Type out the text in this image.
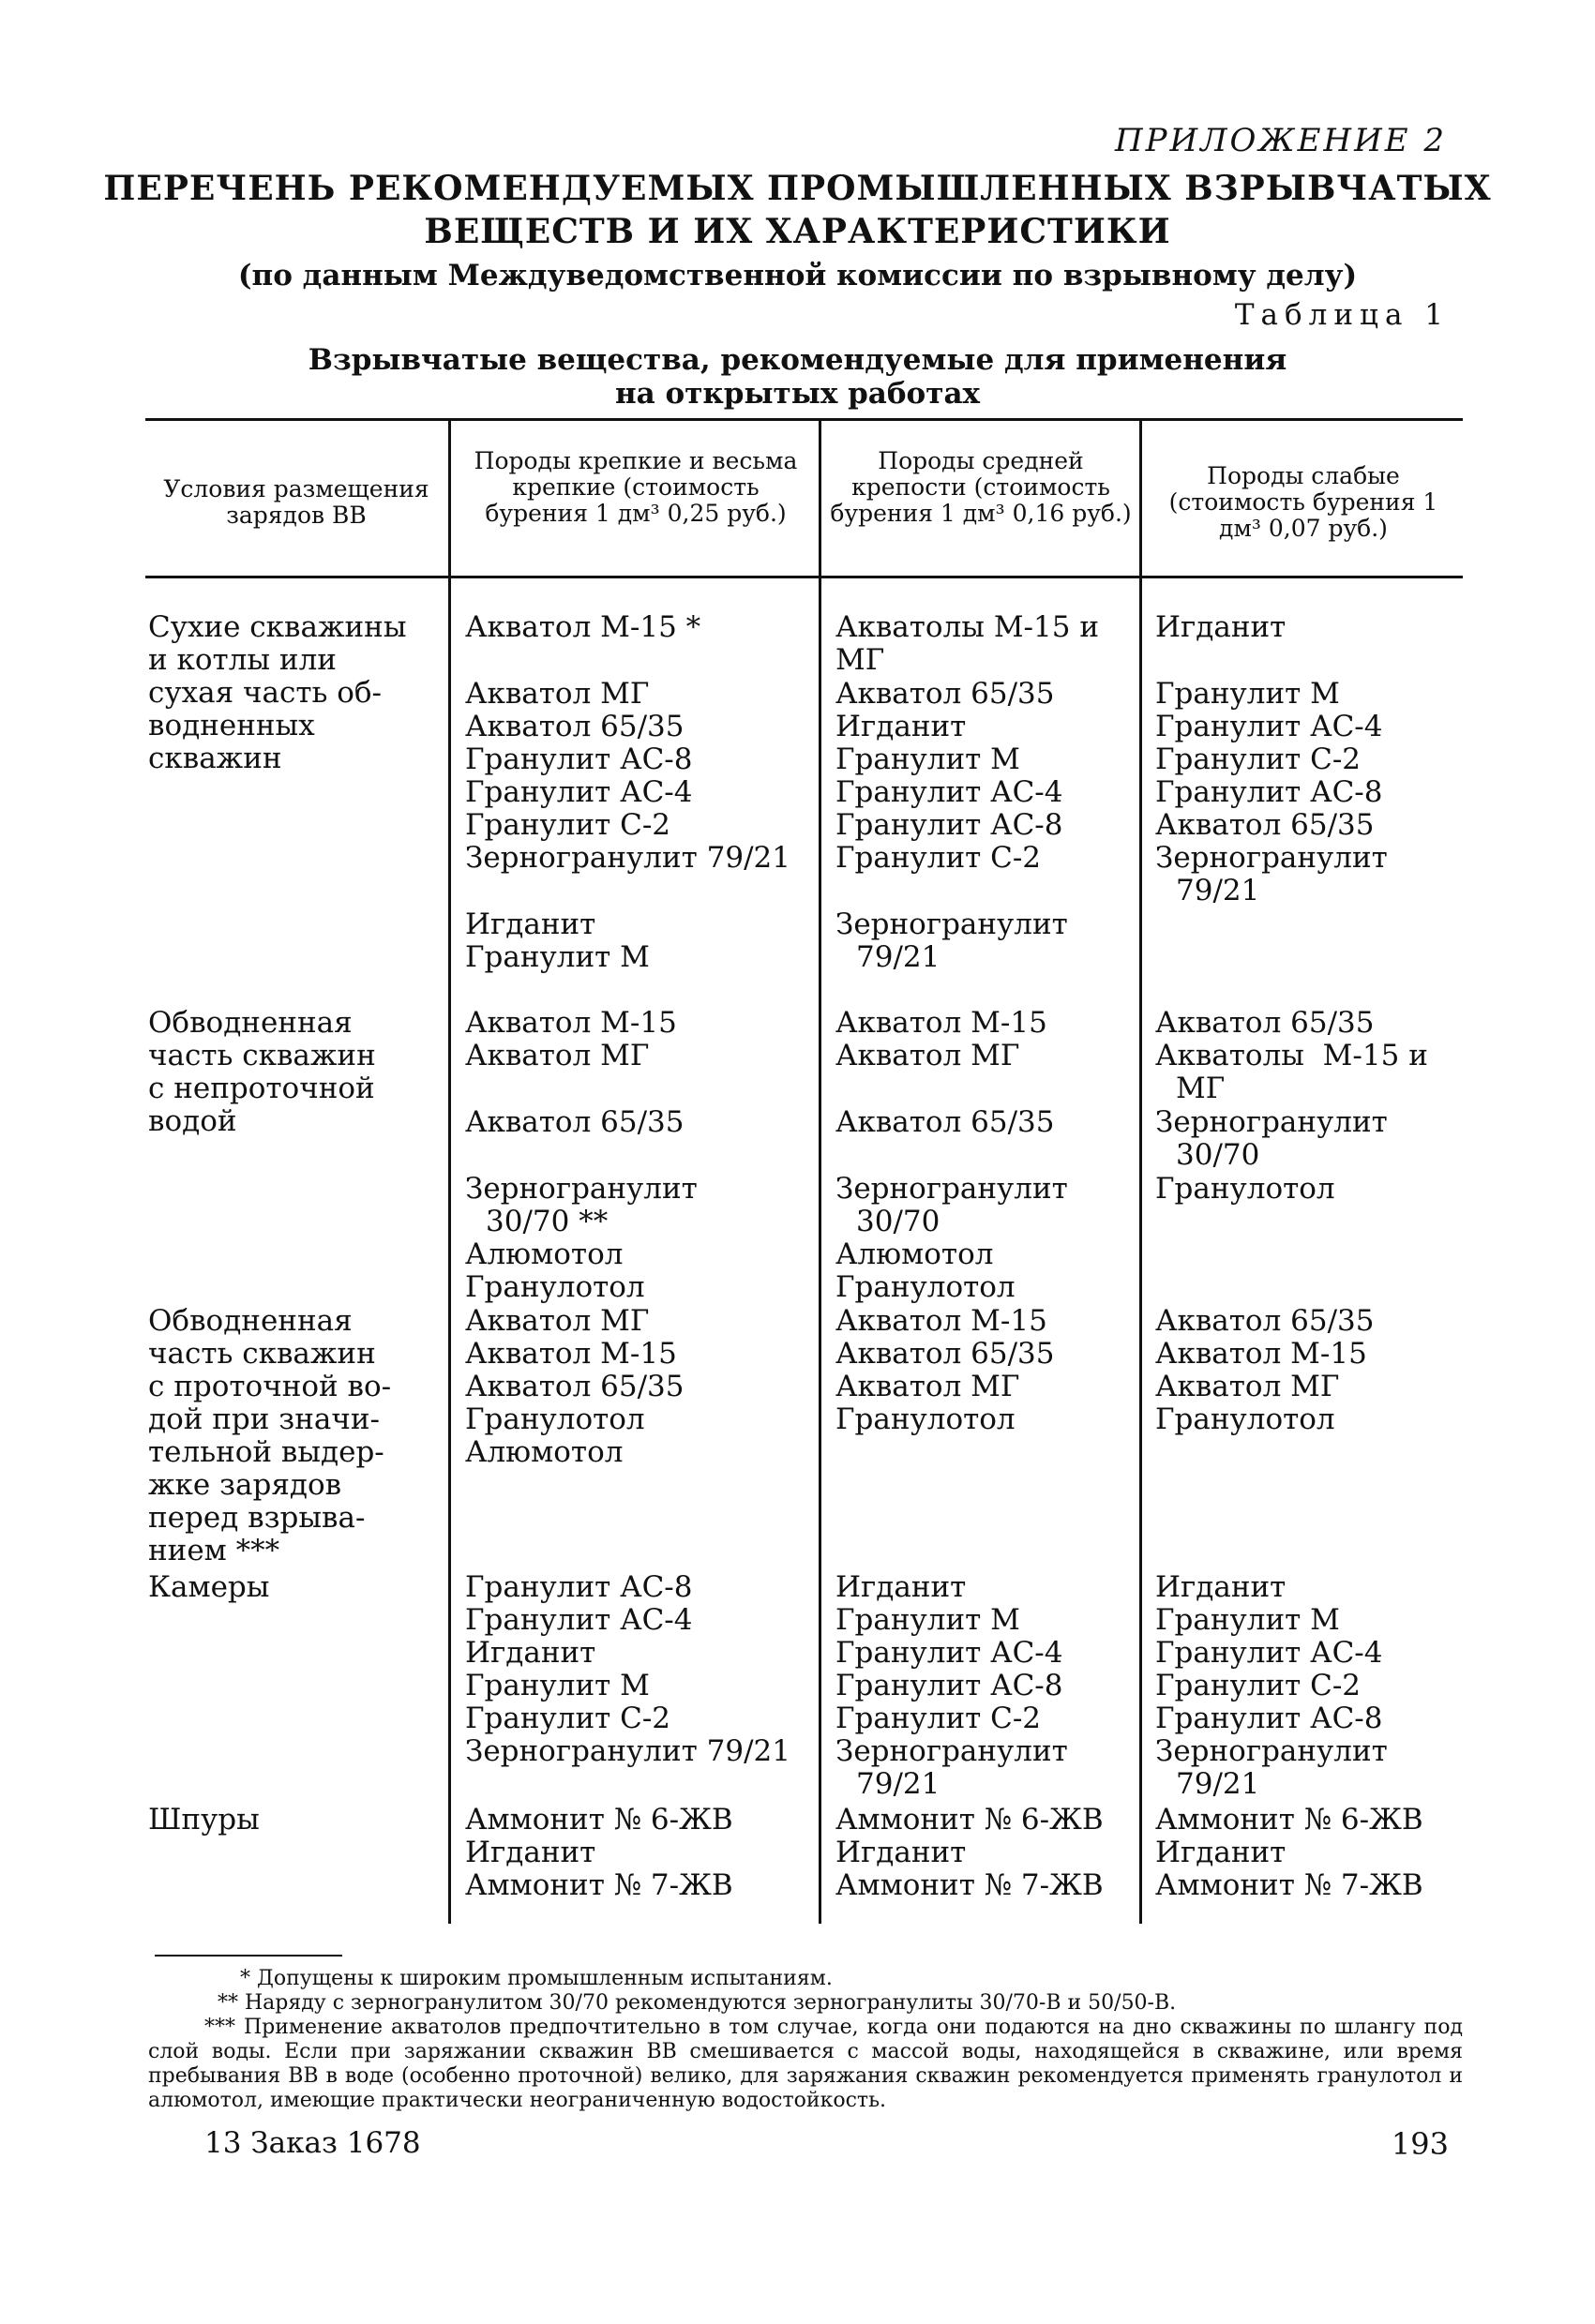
ПРИЛОЖЕНИЕ 2
ПЕРЕЧЕНЬ РЕКОМЕНДУЕМЫХ ПРОМЫШЛЕННЫХ ВЗРЫВЧАТЫХ
ВЕЩЕСТВ И ИХ ХАРАКТЕРИСТИКИ
(по данным Междуведомственной комиссии по взрывному делу)
Таблица 1
Взрывчатые вещества, рекомендуемые для применения
на открытых работах
Условия размещения зарядов ВВ
Породы крепкие и весьма крепкие (стоимость бурения 1 дм³ 0,25 руб.)
Породы средней крепости (стоимость бурения 1 дм³ 0,16 руб.)
Породы слабые (стоимость бурения 1 дм³ 0,07 руб.)
Сухие скважины
и котлы или
сухая часть об-
водненных
скважин
Обводненная
часть скважин
с непроточной
водой
Обводненная
часть скважин
с проточной во-
дой при значи-
тельной выдер-
жке зарядов
перед взрыва-
нием ***
Камеры
Шпуры
Акватол М-15 *
Акватол МГ
Акватол 65/35
Гранулит АС-8
Гранулит АС-4
Гранулит С-2
Зерногранулит 79/21
Игданит
Гранулит М
Акватол М-15
Акватол МГ
Акватол 65/35
Зерногранулит
30/70 **
Алюмотол
Гранулотол
Акватол МГ
Акватол М-15
Акватол 65/35
Гранулотол
Алюмотол
Гранулит АС-8
Гранулит АС-4
Игданит
Гранулит М
Гранулит С-2
Зерногранулит 79/21
Аммонит № 6-ЖВ
Игданит
Аммонит № 7-ЖВ
Акватолы М-15 и
МГ
Акватол 65/35
Игданит
Гранулит М
Гранулит АС-4
Гранулит АС-8
Гранулит С-2
Зерногранулит
79/21
Акватол М-15
Акватол МГ
Акватол 65/35
Зерногранулит
30/70
Алюмотол
Гранулотол
Акватол М-15
Акватол 65/35
Акватол МГ
Гранулотол
Игданит
Гранулит М
Гранулит АС-4
Гранулит АС-8
Гранулит С-2
Зерногранулит
79/21
Аммонит № 6-ЖВ
Игданит
Аммонит № 7-ЖВ
Игданит
Гранулит М
Гранулит АС-4
Гранулит С-2
Гранулит АС-8
Акватол 65/35
Зерногранулит
79/21
Акватол 65/35
Акватолы  М-15 и
МГ
Зерногранулит
30/70
Гранулотол
Акватол 65/35
Акватол М-15
Акватол МГ
Гранулотол
Игданит
Гранулит М
Гранулит АС-4
Гранулит С-2
Гранулит АС-8
Зерногранулит
79/21
Аммонит № 6-ЖВ
Игданит
Аммонит № 7-ЖВ
* Допущены к широким промышленным испытаниям.
** Наряду с зерногранулитом 30/70 рекомендуются зерногранулиты 30/70-В и 50/50-В.
*** Применение акватолов предпочтительно в том случае, когда они подаются на дно скважины по шлангу под слой воды. Если при заряжании скважин ВВ смешивается с массой воды, находящейся в скважине, или время пребывания ВВ в воде (особенно проточной) велико, для заряжания скважин рекомендуется применять гранулотол и алюмотол, имеющие практически неограниченную водостойкость.
13 Заказ 1678	193
